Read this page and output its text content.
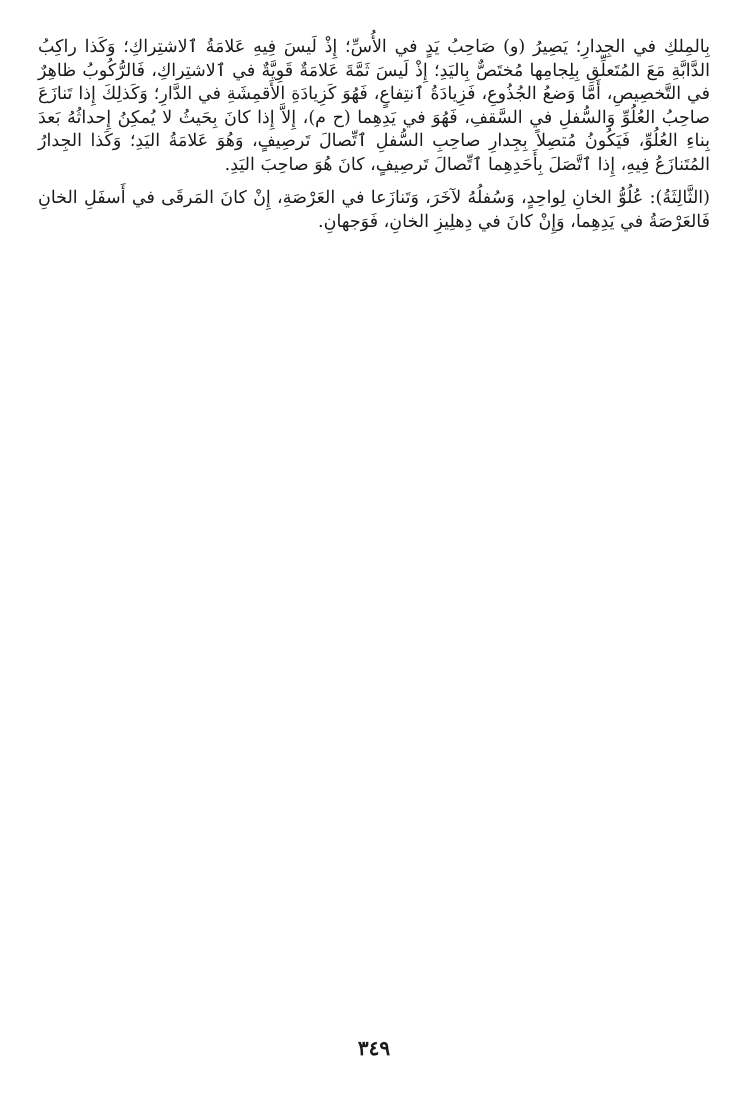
بِالمِلكِ في الجِدارِ؛ يَصِيرُ (و) صَاحِبُ يَدٍ في الأُسِّ؛ إِذْ لَيسَ فِيهِ عَلامَةُ ٱلاشتِراكِ؛ وَكَذا راكِبُ الدَّابَّةِ مَعَ المُتَعلِّقِ بِلِجامِها مُختَصٌّ بِاليَدِ؛ إِذْ لَيسَ ثَمَّةَ عَلامَةٌ قَوِيَّةٌ في ٱلاشتِراكِ، فَالرُّكُوبُ ظاهِرٌ في التَّخصِيصِ، أَمَّا وَضعُ الجُذُوعِ، فَزِيادَةُ ٱنتِفاعٍ، فَهُوَ كَزِيادَةِ الأَقمِشَةِ في الدَّارِ؛ وَكَذلِكَ إِذا تَنازَعَ صاحِبُ العُلُوِّ وَالسُّفلِ في السَّقفِ، فَهُوَ في يَدِهِما (ح م)، إِلاَّ إِذا كانَ بِحَيثُ لا يُمكِنُ إِحداثُهُ بَعدَ بِناءِ العُلُوِّ، فَيَكُونُ مُتصِلاً بِجِدارِ صاحِبِ السُّفلِ ٱتِّصالَ تَرصِيفٍ، وَهُوَ عَلامَةُ اليَدِ؛ وَكَذا الجِدارُ المُتَنازَعُ فِيهِ، إِذا ٱتَّصَلَ بِأَحَدِهِما ٱتِّصالَ تَرصِيفٍ، كانَ هُوَ صاحِبَ اليَدِ.

(الثَّالِثَةُ): عُلُوُّ الخانِ لِواحِدٍ، وَسُفلُهُ لآخَرَ، وَتَنازَعا في العَرْصَةِ، إِنْ كانَ المَرقَى في أَسفَلِ الخانِ فَالعَرْصَةُ في يَدِهِما، وَإِنْ كانَ في دِهلِيزِ الخانِ، فَوَجهانِ.

٣٤٩
